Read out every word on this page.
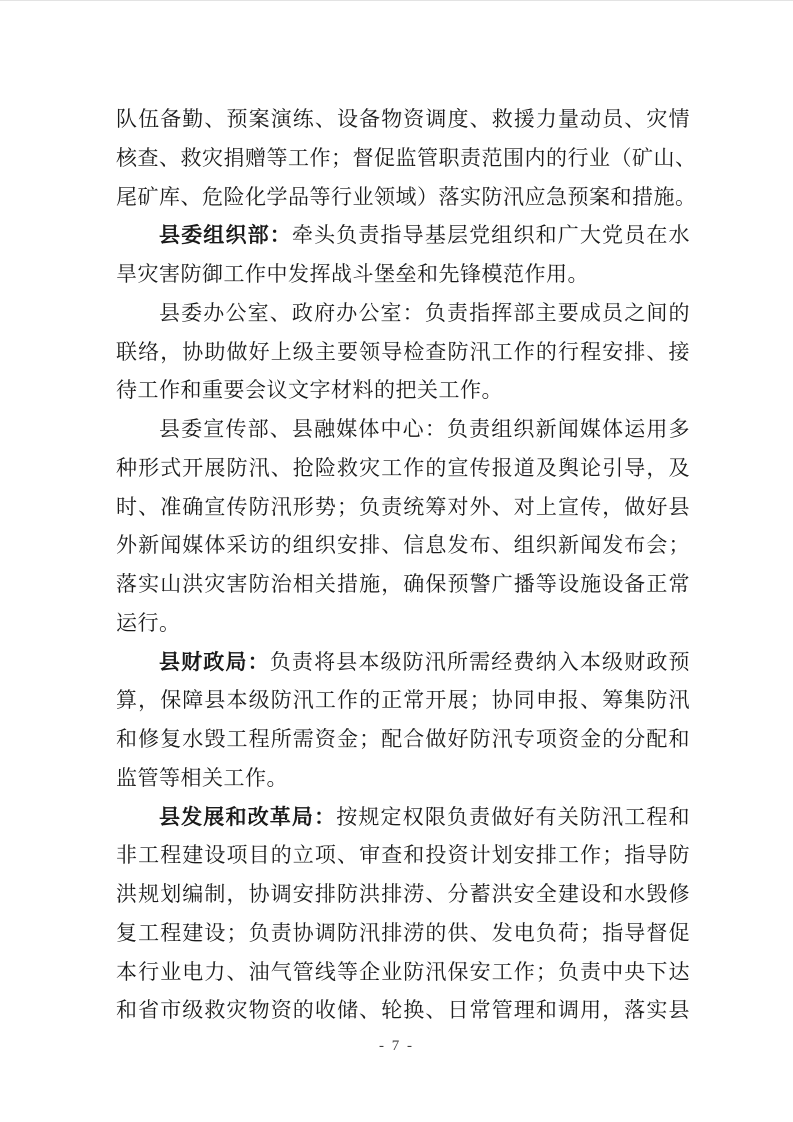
队伍备勤、预案演练、设备物资调度、救援力量动员、灾情
核查、救灾捐赠等工作；督促监管职责范围内的行业（矿山、
尾矿库、危险化学品等行业领域）落实防汛应急预案和措施。
县委组织部：牵头负责指导基层党组织和广大党员在水
旱灾害防御工作中发挥战斗堡垒和先锋模范作用。
县委办公室、政府办公室：负责指挥部主要成员之间的
联络，协助做好上级主要领导检查防汛工作的行程安排、接
待工作和重要会议文字材料的把关工作。
县委宣传部、县融媒体中心：负责组织新闻媒体运用多
种形式开展防汛、抢险救灾工作的宣传报道及舆论引导，及
时、准确宣传防汛形势；负责统筹对外、对上宣传，做好县
外新闻媒体采访的组织安排、信息发布、组织新闻发布会；
落实山洪灾害防治相关措施，确保预警广播等设施设备正常
运行。
县财政局：负责将县本级防汛所需经费纳入本级财政预
算，保障县本级防汛工作的正常开展；协同申报、筹集防汛
和修复水毁工程所需资金；配合做好防汛专项资金的分配和
监管等相关工作。
县发展和改革局：按规定权限负责做好有关防汛工程和
非工程建设项目的立项、审查和投资计划安排工作；指导防
洪规划编制，协调安排防洪排涝、分蓄洪安全建设和水毁修
复工程建设；负责协调防汛排涝的供、发电负荷；指导督促
本行业电力、油气管线等企业防汛保安工作；负责中央下达
和省市级救灾物资的收储、轮换、日常管理和调用，落实县
- 7 -
